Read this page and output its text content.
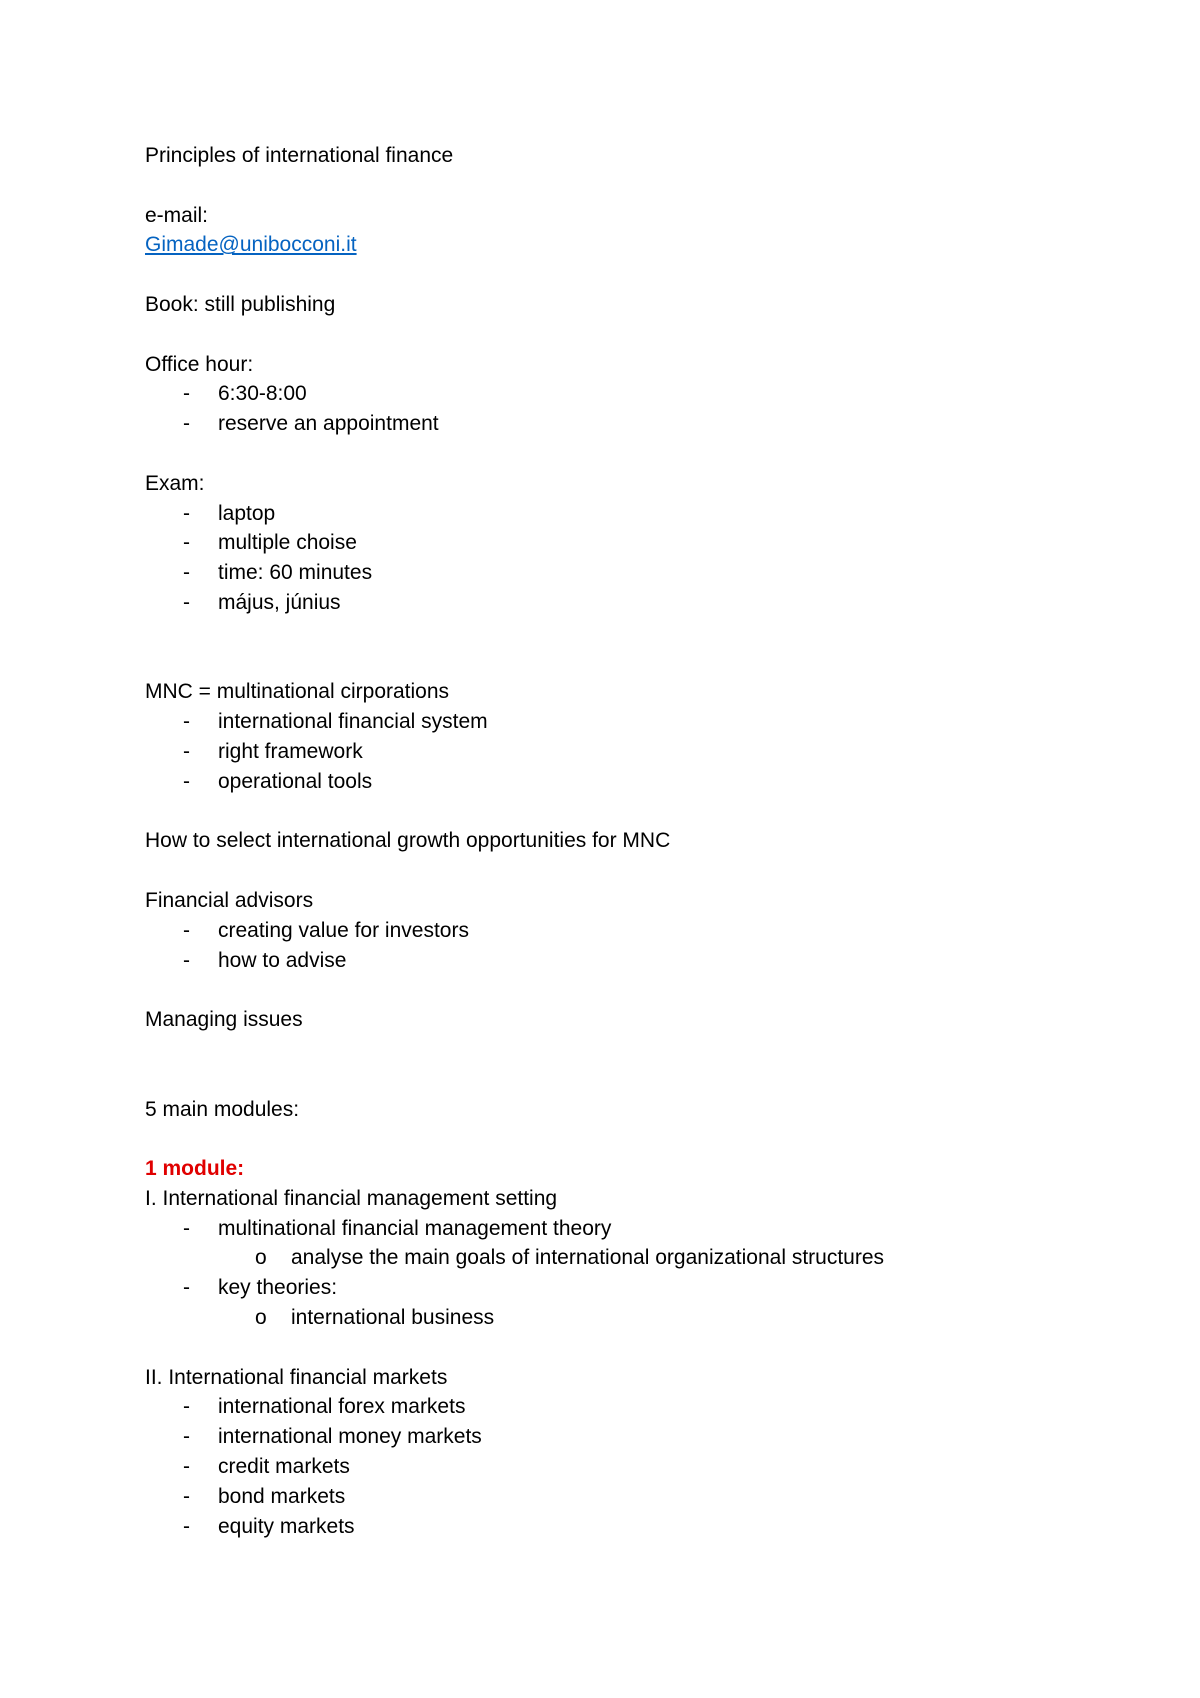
Principles of international finance
e-mail:
Gimade@unibocconi.it
Book: still publishing
Office hour:
- 6:30-8:00
- reserve an appointment
Exam:
- laptop
- multiple choise
- time: 60 minutes
- május, június
MNC = multinational cirporations
- international financial system
- right framework
- operational tools
How to select international growth opportunities for MNC
Financial advisors
- creating value for investors
- how to advise
Managing issues
5 main modules:
1 module:
I. International financial management setting
- multinational financial management theory
o analyse the main goals of international organizational structures
- key theories:
o international business
II. International financial markets
- international forex markets
- international money markets
- credit markets
- bond markets
- equity markets
